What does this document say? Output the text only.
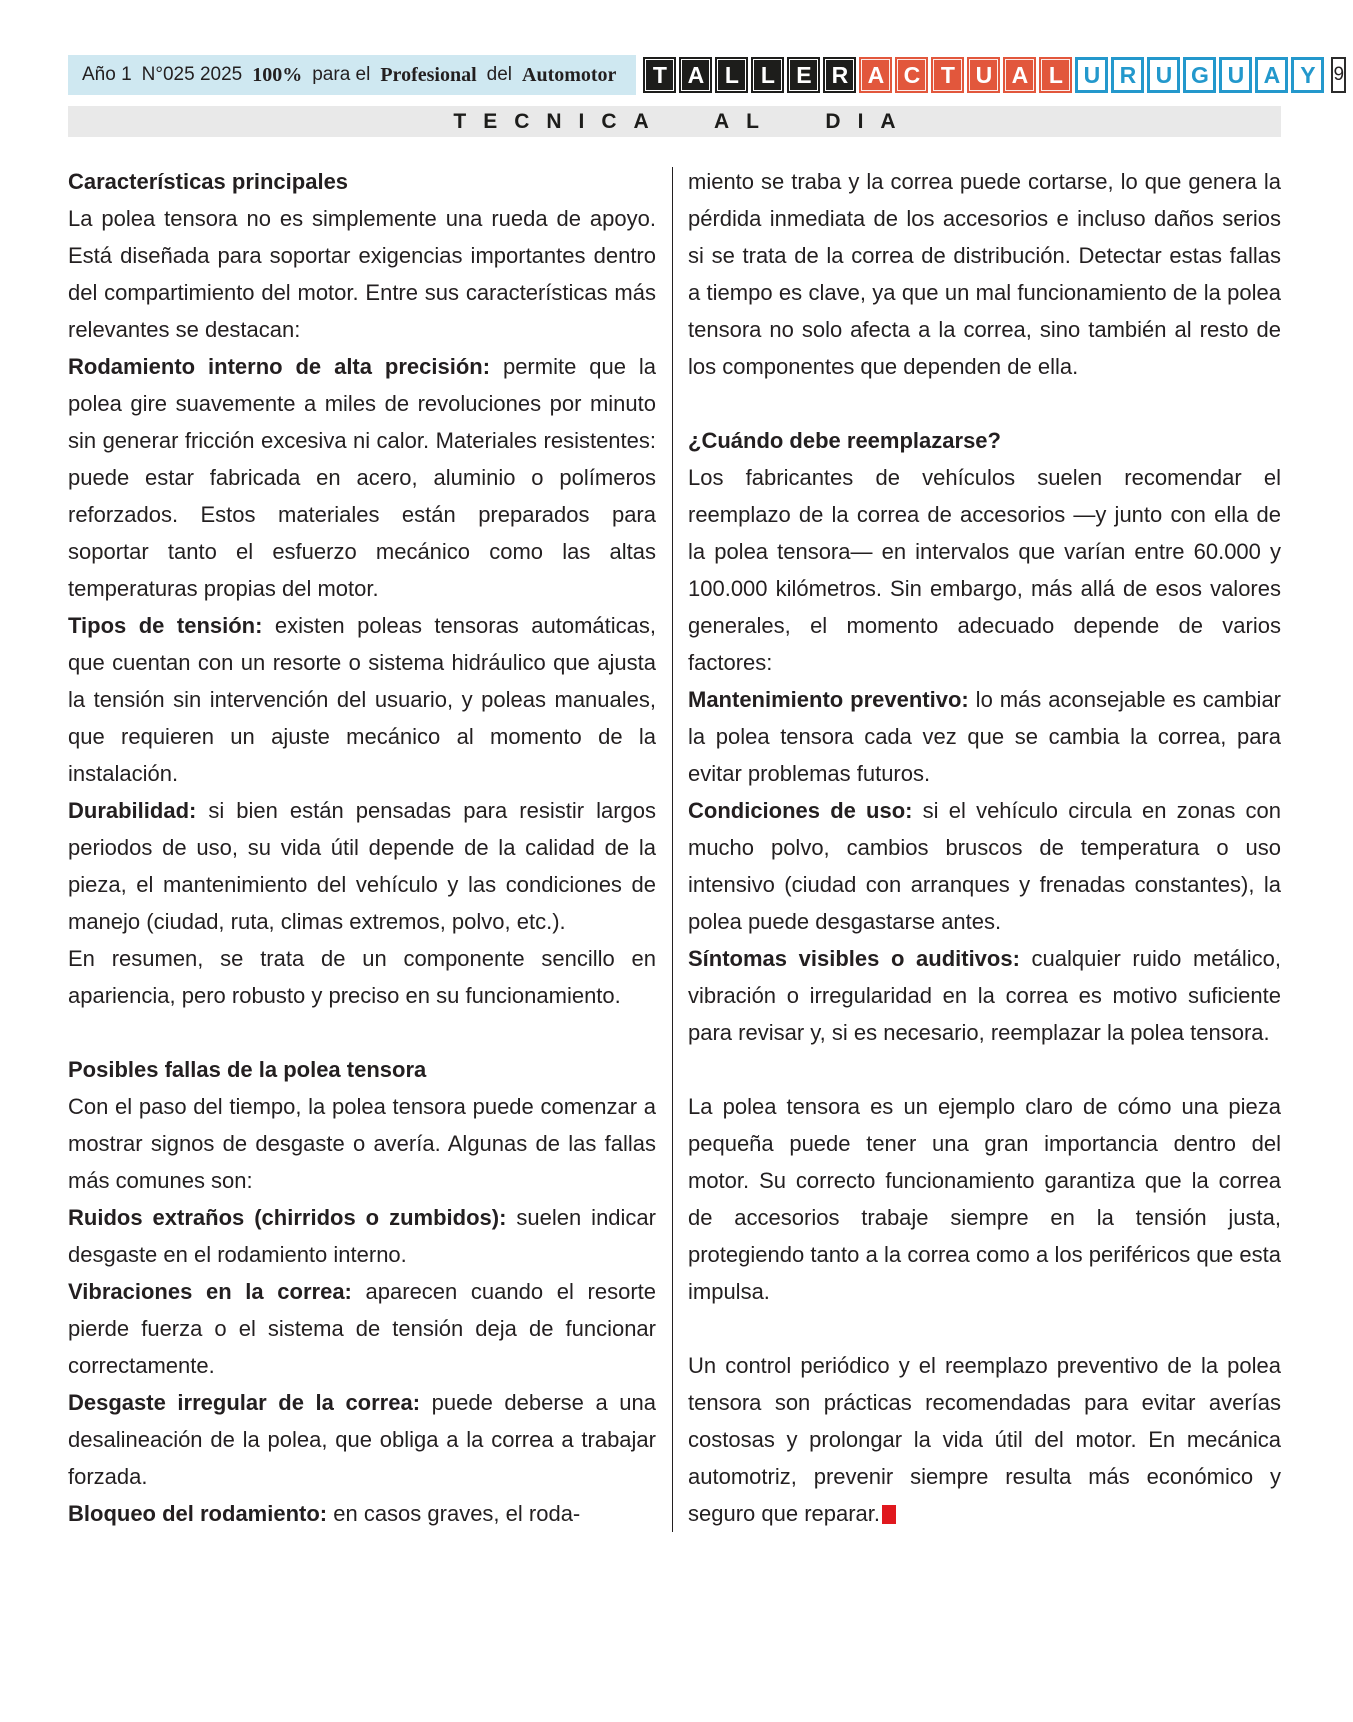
Año 1 N°025 2025 100% para el Profesional del Automotor	T A L L E R A C T U A L U R U G U A Y 9
TECNICA AL DIA

Características principales

La polea tensora no es simplemente una rueda de apoyo. Está diseñada para soportar exigencias importantes dentro del compartimiento del motor. Entre sus características más relevantes se destacan:

Rodamiento interno de alta precisión: permite que la polea gire suavemente a miles de revoluciones por minuto sin generar fricción excesiva ni calor. Materiales resistentes: puede estar fabricada en acero, aluminio o polímeros reforzados. Estos materiales están preparados para soportar tanto el esfuerzo mecánico como las altas temperaturas propias del motor.

Tipos de tensión: existen poleas tensoras automáticas, que cuentan con un resorte o sistema hidráulico que ajusta la tensión sin intervención del usuario, y poleas manuales, que requieren un ajuste mecánico al momento de la instalación.

Durabilidad: si bien están pensadas para resistir largos periodos de uso, su vida útil depende de la calidad de la pieza, el mantenimiento del vehículo y las condiciones de manejo (ciudad, ruta, climas extremos, polvo, etc.).

En resumen, se trata de un componente sencillo en apariencia, pero robusto y preciso en su funcionamiento.

Posibles fallas de la polea tensora

Con el paso del tiempo, la polea tensora puede comenzar a mostrar signos de desgaste o avería. Algunas de las fallas más comunes son:

Ruidos extraños (chirridos o zumbidos): suelen indicar desgaste en el rodamiento interno.

Vibraciones en la correa: aparecen cuando el resorte pierde fuerza o el sistema de tensión deja de funcionar correctamente.

Desgaste irregular de la correa: puede deberse a una desalineación de la polea, que obliga a la correa a trabajar forzada.

Bloqueo del rodamiento: en casos graves, el roda-

miento se traba y la correa puede cortarse, lo que genera la pérdida inmediata de los accesorios e incluso daños serios si se trata de la correa de distribución. Detectar estas fallas a tiempo es clave, ya que un mal funcionamiento de la polea tensora no solo afecta a la correa, sino también al resto de los componentes que dependen de ella.

¿Cuándo debe reemplazarse?

Los fabricantes de vehículos suelen recomendar el reemplazo de la correa de accesorios —y junto con ella de la polea tensora— en intervalos que varían entre 60.000 y 100.000 kilómetros. Sin embargo, más allá de esos valores generales, el momento adecuado depende de varios factores:

Mantenimiento preventivo: lo más aconsejable es cambiar la polea tensora cada vez que se cambia la correa, para evitar problemas futuros.

Condiciones de uso: si el vehículo circula en zonas con mucho polvo, cambios bruscos de temperatura o uso intensivo (ciudad con arranques y frenadas constantes), la polea puede desgastarse antes.

Síntomas visibles o auditivos: cualquier ruido metálico, vibración o irregularidad en la correa es motivo suficiente para revisar y, si es necesario, reemplazar la polea tensora.

La polea tensora es un ejemplo claro de cómo una pieza pequeña puede tener una gran importancia dentro del motor. Su correcto funcionamiento garantiza que la correa de accesorios trabaje siempre en la tensión justa, protegiendo tanto a la correa como a los periféricos que esta impulsa.

Un control periódico y el reemplazo preventivo de la polea tensora son prácticas recomendadas para evitar averías costosas y prolongar la vida útil del motor. En mecánica automotriz, prevenir siempre resulta más económico y seguro que reparar.
